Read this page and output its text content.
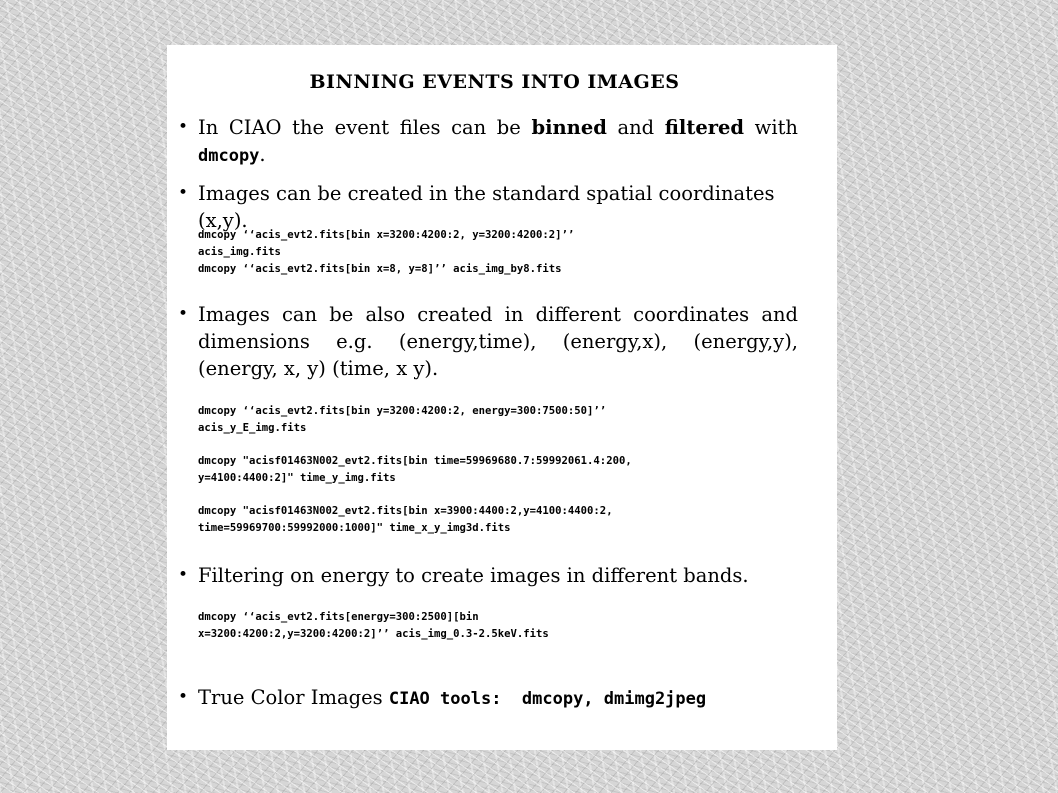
BINNING EVENTS INTO IMAGES
• In CIAO the event files can be binned and filtered with dmcopy.
• Images can be created in the standard spatial coordinates (x,y).
dmcopy ‘‘acis_evt2.fits[bin x=3200:4200:2, y=3200:4200:2]’’
acis_img.fits
dmcopy ‘‘acis_evt2.fits[bin x=8, y=8]’’ acis_img_by8.fits
• Images can be also created in different coordinates and dimensions e.g. (energy,time), (energy,x), (energy,y), (energy, x, y) (time, x y).
dmcopy ‘‘acis_evt2.fits[bin y=3200:4200:2, energy=300:7500:50]’’
acis_y_E_img.fits
dmcopy "acisf01463N002_evt2.fits[bin time=59969680.7:59992061.4:200,
y=4100:4400:2]" time_y_img.fits
dmcopy "acisf01463N002_evt2.fits[bin x=3900:4400:2,y=4100:4400:2,
time=59969700:59992000:1000]" time_x_y_img3d.fits
• Filtering on energy to create images in different bands.
dmcopy ‘‘acis_evt2.fits[energy=300:2500][bin
x=3200:4200:2,y=3200:4200:2]’’ acis_img_0.3-2.5keV.fits
• True Color Images CIAO tools:  dmcopy, dmimg2jpeg
